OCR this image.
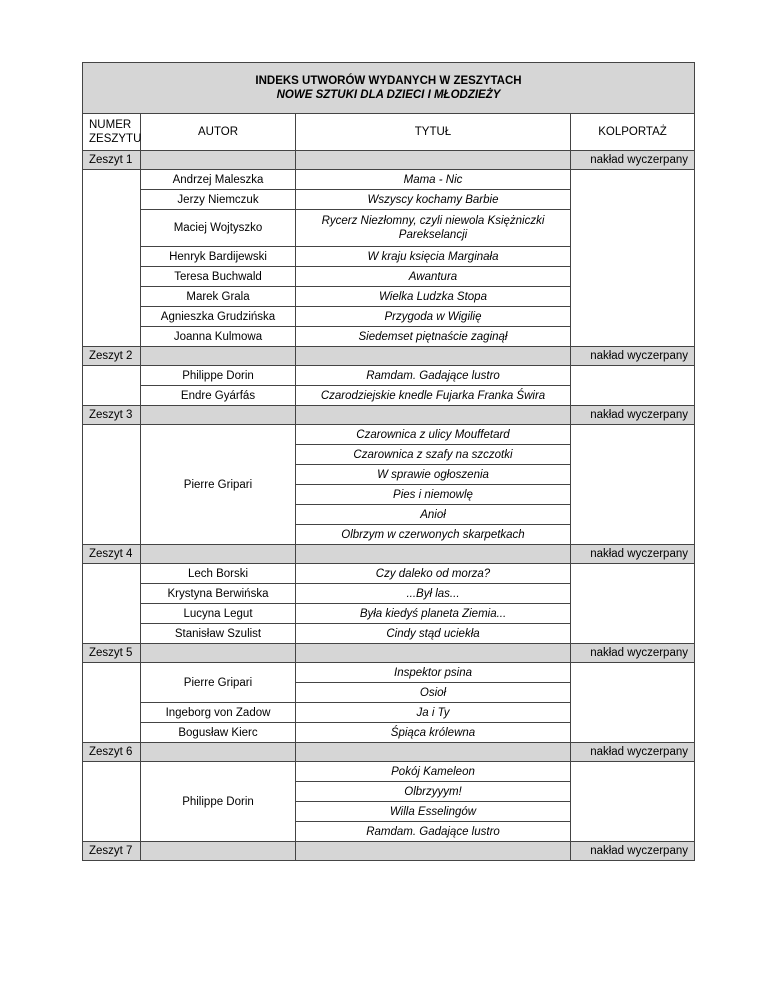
INDEKS UTWORÓW WYDANYCH W ZESZYTACH
NOWE SZTUKI DLA DZIECI I MŁODZIEŻY			

NUMER ZESZYTU	AUTOR	TYTUŁ	KOLPORTAŻ
Zeszyt 1			nakład wyczerpany
	Andrzej Maleszka	Mama - Nic	
	Jerzy Niemczuk	Wszyscy kochamy Barbie	
	Maciej Wojtyszko	Rycerz Niezłomny, czyli niewola Księżniczki Parekselancji	
	Henryk Bardijewski	W kraju księcia Marginała	
	Teresa Buchwald	Awantura	
	Marek Grala	Wielka Ludzka Stopa	
	Agnieszka Grudzińska	Przygoda w Wigilię	
	Joanna Kulmowa	Siedemset piętnaście zaginął	
Zeszyt 2			nakład wyczerpany
	Philippe Dorin	Ramdam. Gadające lustro	
	Endre Gyárfás	Czarodziejskie knedle Fujarka Franka Świra	
Zeszyt 3			nakład wyczerpany
	Pierre Gripari	Czarownica z ulicy Mouffetard	
		Czarownica z szafy na szczotki	
		W sprawie ogłoszenia	
		Pies i niemowlę	
		Anioł	
		Olbrzym w czerwonych skarpetkach	
Zeszyt 4			nakład wyczerpany
	Lech Borski	Czy daleko od morza?	
	Krystyna Berwińska	...Był las...	
	Lucyna Legut	Była kiedyś planeta Ziemia...	
	Stanisław Szulist	Cindy stąd uciekła	
Zeszyt 5			nakład wyczerpany
	Pierre Gripari	Inspektor psina	
		Osioł	
	Ingeborg von Zadow	Ja i Ty	
	Bogusław Kierc	Śpiąca królewna	
Zeszyt 6			nakład wyczerpany
	Philippe Dorin	Pokój Kameleon	
		Olbrzyyym!	
		Willa Esselingów	
		Ramdam. Gadające lustro	
Zeszyt 7			nakład wyczerpany
